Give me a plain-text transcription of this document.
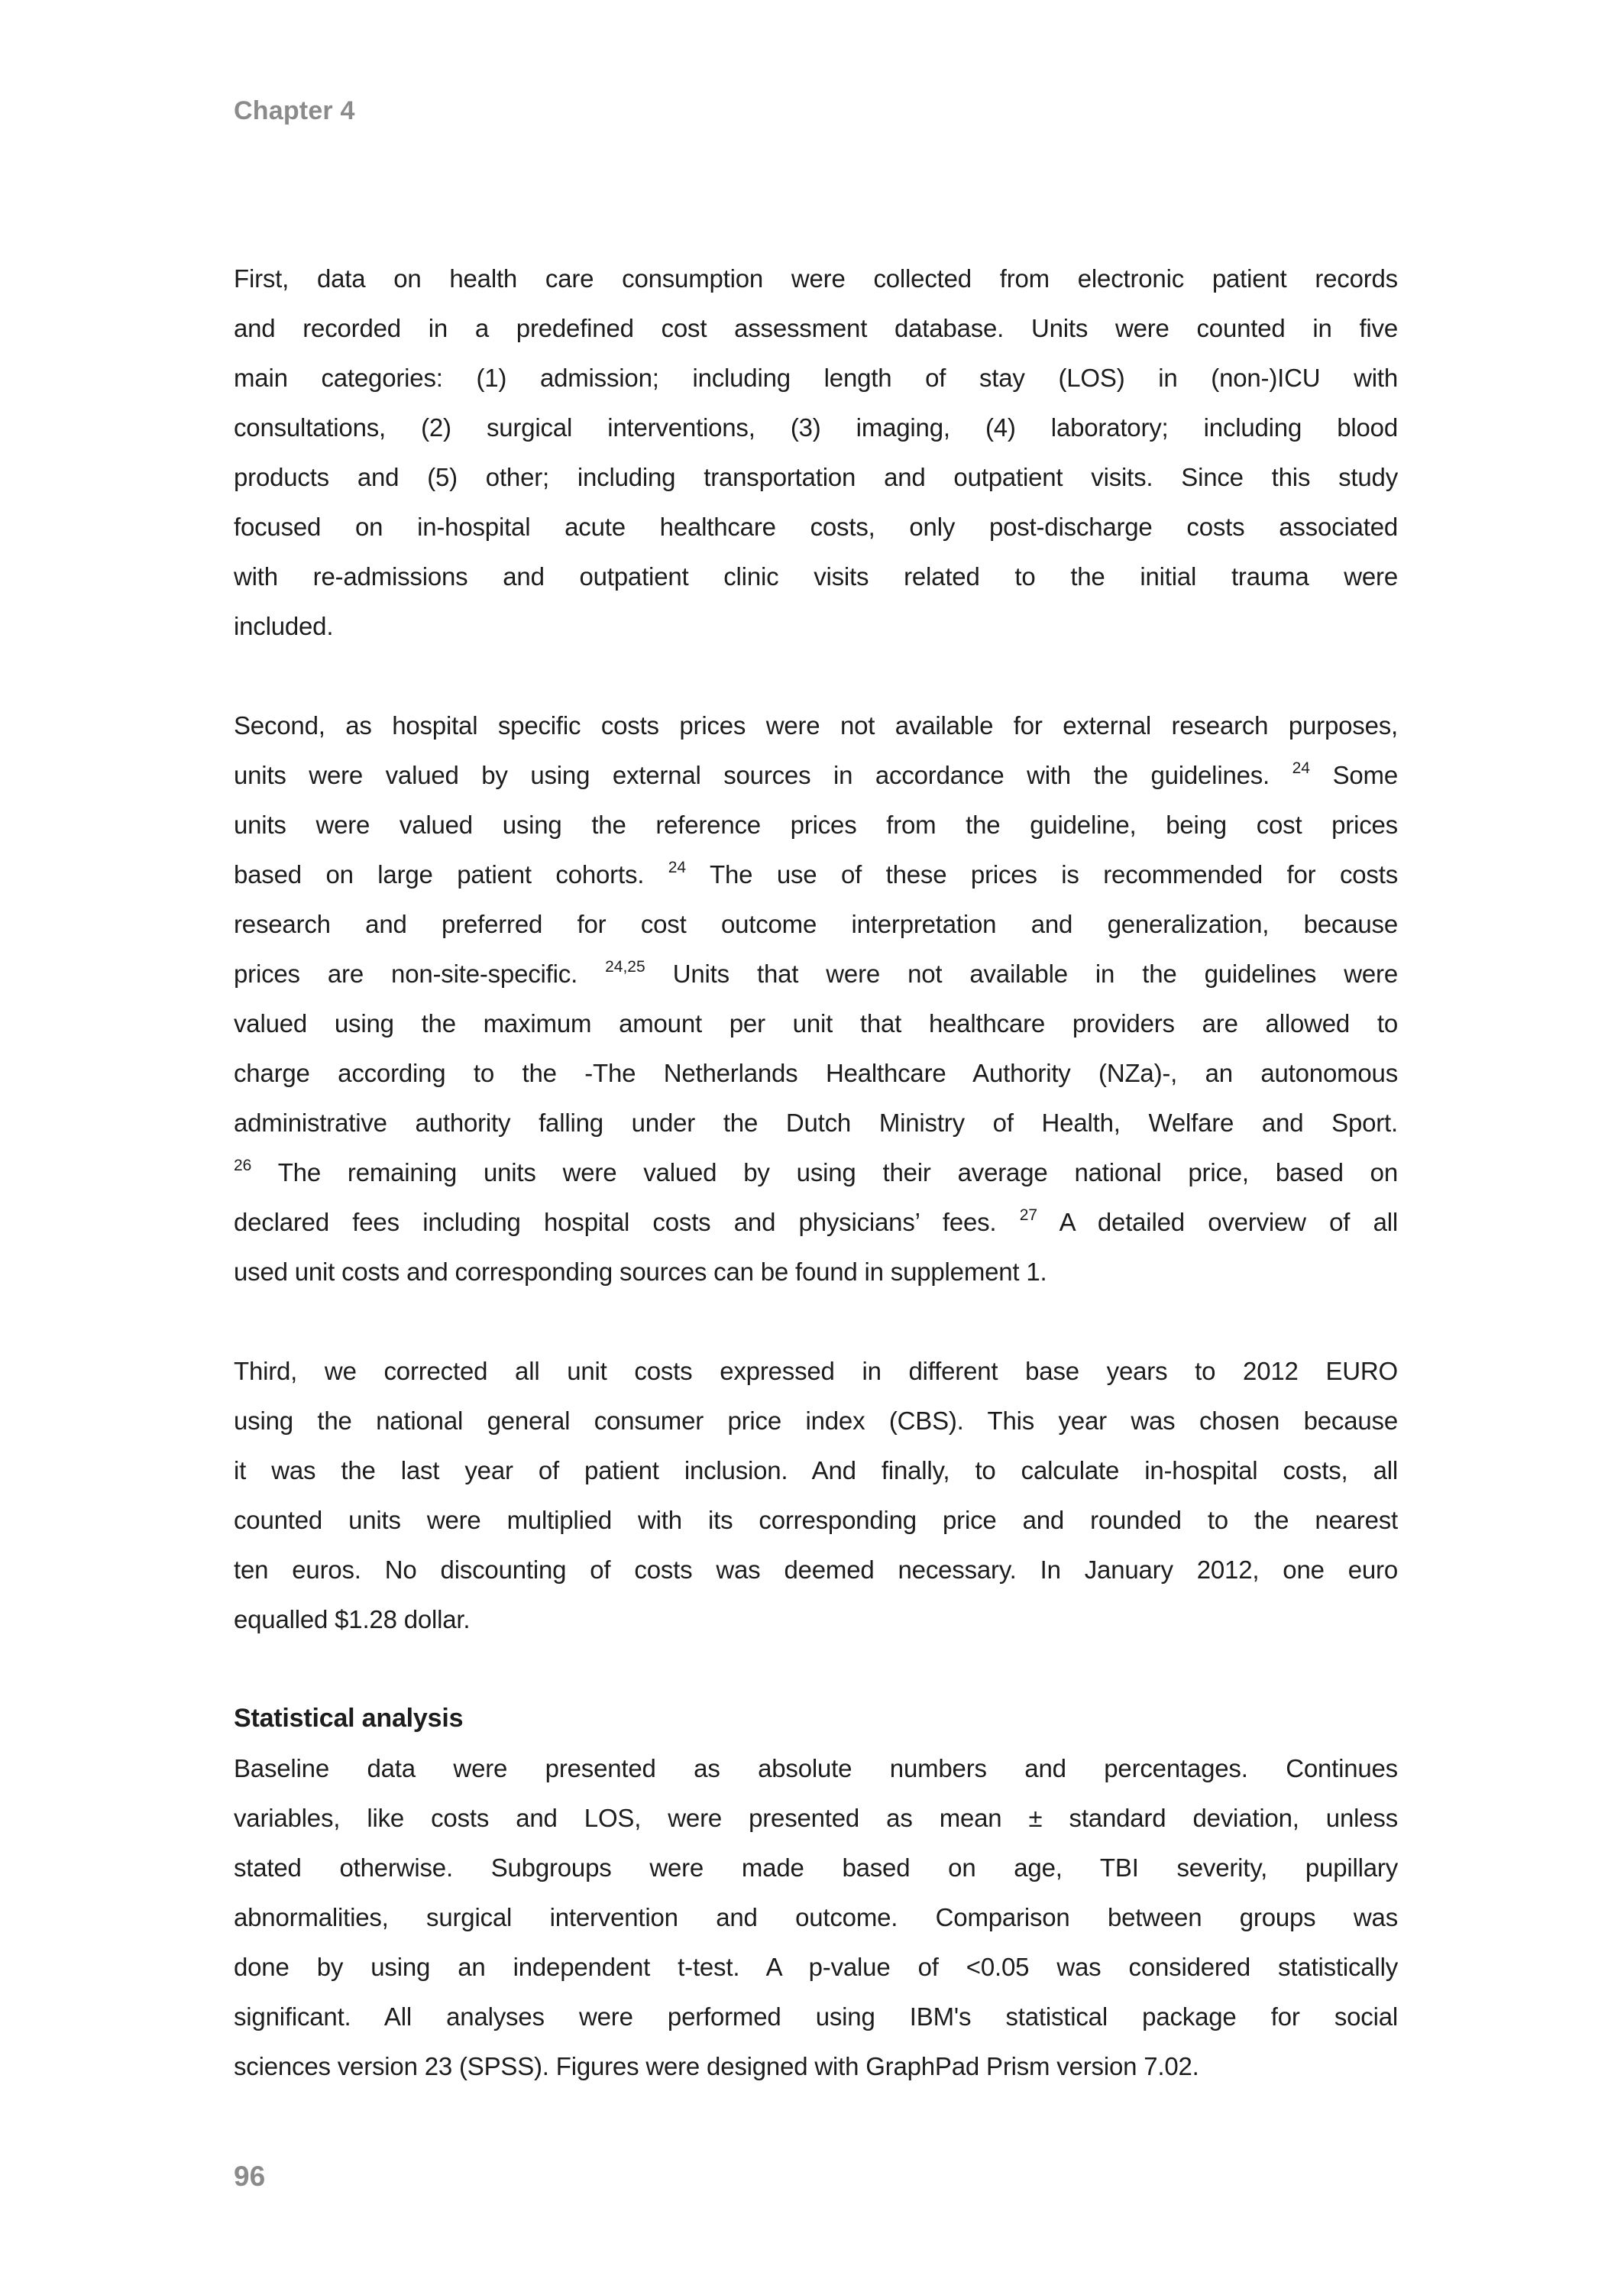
Chapter 4
First, data on health care consumption were collected from electronic patient records
and recorded in a predefined cost assessment database. Units were counted in five
main categories: (1) admission; including length of stay (LOS) in (non-)ICU with
consultations, (2) surgical interventions, (3) imaging, (4) laboratory; including blood
products and (5) other; including transportation and outpatient visits. Since this study
focused on in-hospital acute healthcare costs, only post-discharge costs associated
with re-admissions and outpatient clinic visits related to the initial trauma were
included.
Second, as hospital specific costs prices were not available for external research purposes,
units were valued by using external sources in accordance with the guidelines. $^{24}$ Some
units were valued using the reference prices from the guideline, being cost prices
based on large patient cohorts. $^{24}$ The use of these prices is recommended for costs
research and preferred for cost outcome interpretation and generalization, because
prices are non-site-specific. $^{24,25}$ Units that were not available in the guidelines were
valued using the maximum amount per unit that healthcare providers are allowed to
charge according to the -The Netherlands Healthcare Authority (NZa)-, an autonomous
administrative authority falling under the Dutch Ministry of Health, Welfare and Sport.
$^{26}$ The remaining units were valued by using their average national price, based on
declared fees including hospital costs and physicians’ fees. $^{27}$ A detailed overview of all
used unit costs and corresponding sources can be found in supplement 1.
Third, we corrected all unit costs expressed in different base years to 2012 EURO
using the national general consumer price index (CBS). This year was chosen because
it was the last year of patient inclusion. And finally, to calculate in-hospital costs, all
counted units were multiplied with its corresponding price and rounded to the nearest
ten euros. No discounting of costs was deemed necessary. In January 2012, one euro
equalled $1.28 dollar.
Statistical analysis
Baseline data were presented as absolute numbers and percentages. Continues
variables, like costs and LOS, were presented as mean ± standard deviation, unless
stated otherwise. Subgroups were made based on age, TBI severity, pupillary
abnormalities, surgical intervention and outcome. Comparison between groups was
done by using an independent t-test. A p-value of <0.05 was considered statistically
significant. All analyses were performed using IBM's statistical package for social
sciences version 23 (SPSS). Figures were designed with GraphPad Prism version 7.02.
96
